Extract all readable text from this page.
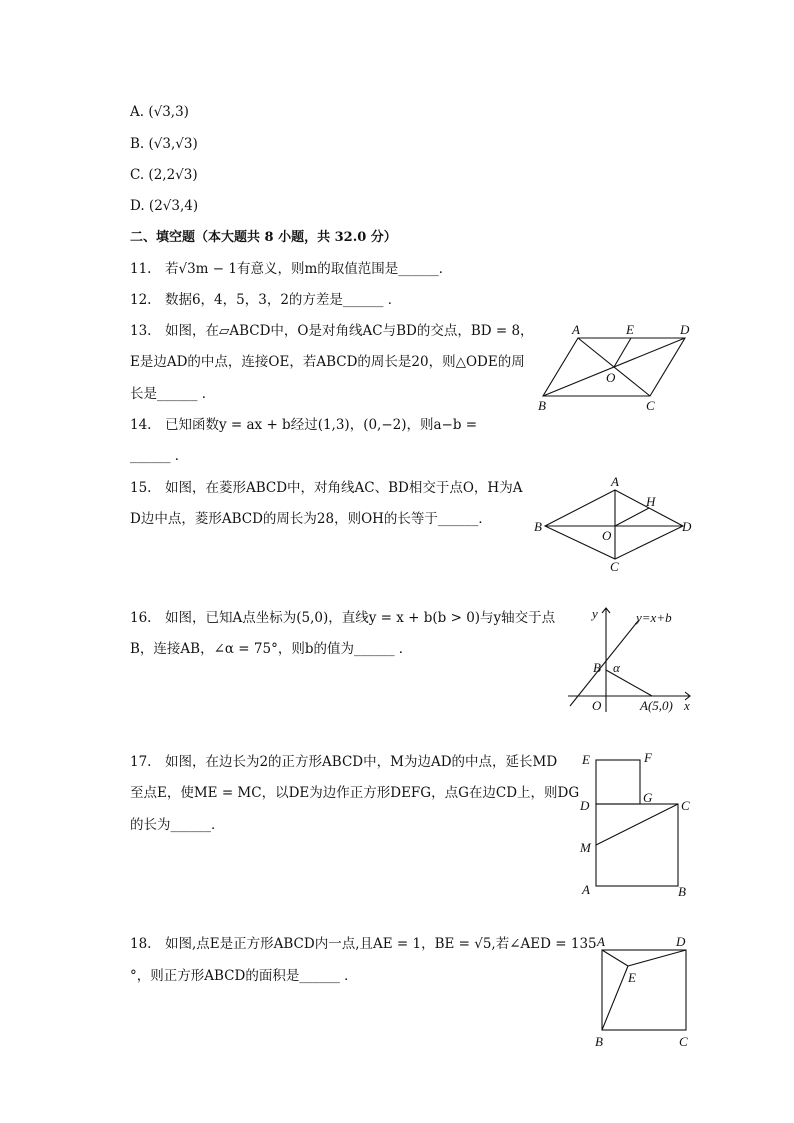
A. (√3,3)
B. (√3,√3)
C. (2,2√3)
D. (2√3,4)
二、填空题（本大题共 8 小题，共 32.0 分）
11.　若√3m − 1有意义，则m的取值范围是______．
12.　数据6，4，5，3，2的方差是______ ．
13.　如图，在▱ABCD中，O是对角线AC与BD的交点，BD = 8，
E是边AD的中点，连接OE，若ABCD的周长是20，则△ODE的周
长是______ ．
14.　已知函数y = ax + b经过(1,3)，(0,−2)，则a−b =
______ ．
15.　如图，在菱形ABCD中，对角线AC、BD相交于点O，H为A
D边中点，菱形ABCD的周长为28，则OH的长等于______．
16.　如图，已知A点坐标为(5,0)，直线y = x + b(b > 0)与y轴交于点
B，连接AB，∠α = 75°，则b的值为______ ．
17.　如图，在边长为2的正方形ABCD中，M为边AD的中点，延长MD
至点E，使ME = MC，以DE为边作正方形DEFG，点G在边CD上，则DG
的长为______．
18.　如图,点E是正方形ABCD内一点,且AE = 1，BE = √5,若∠AED = 135
°，则正方形ABCD的面积是______ ．
A	E	D
O
B	C
A
H
B
O
D
C
y	y=x+b
B α
O	A(5,0) x
E	F
D
G
C
M
A	B
A	D
E
B	C
